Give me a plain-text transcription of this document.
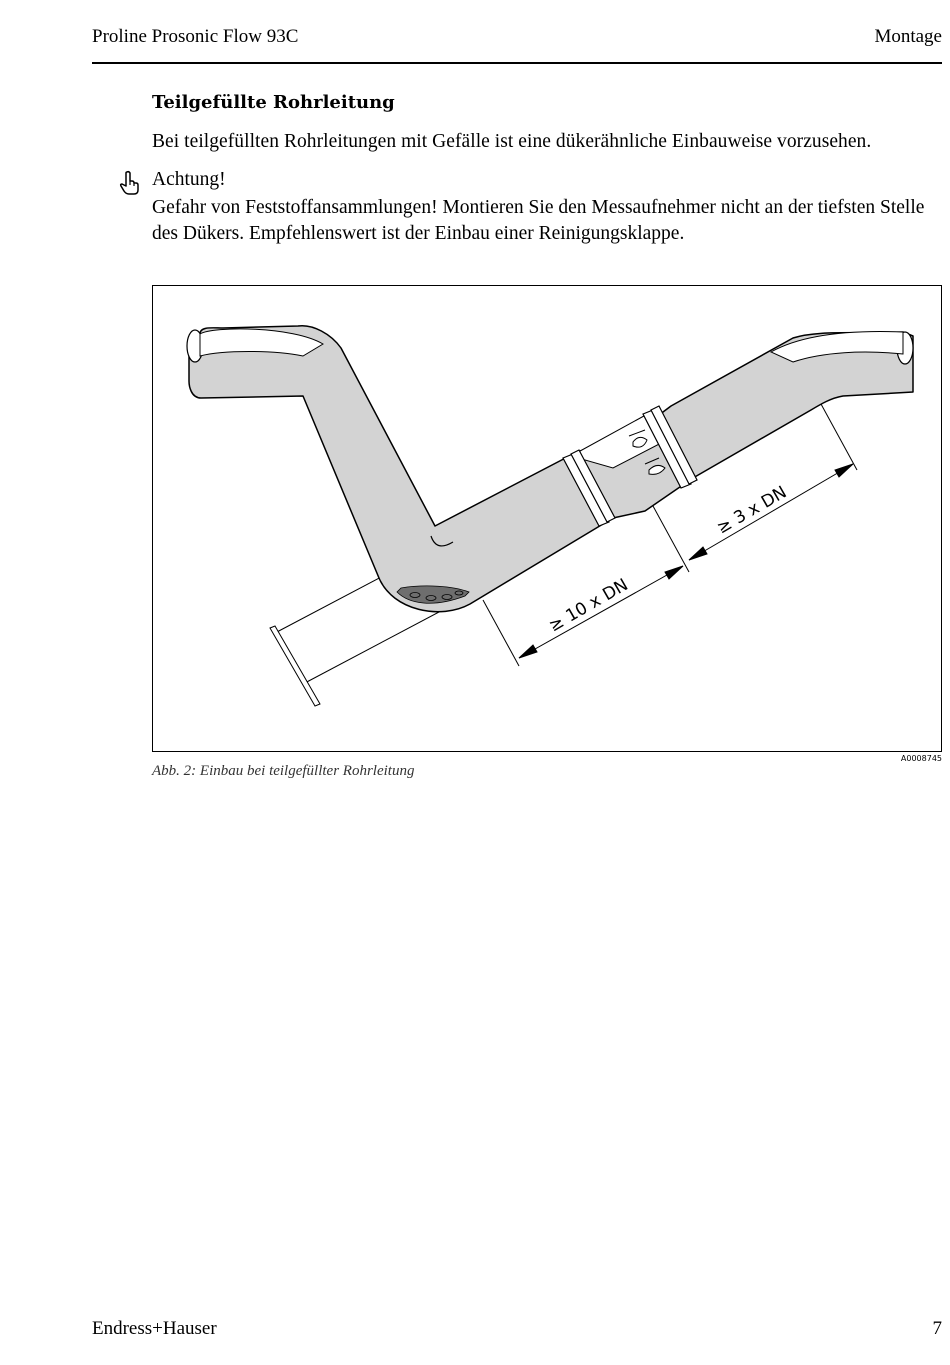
Proline Prosonic Flow 93C	Montage
Teilgefüllte Rohrleitung
Bei teilgefüllten Rohrleitungen mit Gefälle ist eine dükerähnliche Einbauweise vorzusehen.
Achtung!
Gefahr von Feststoffansammlungen! Montieren Sie den Messaufnehmer nicht an der tiefsten Stelle des Dükers. Empfehlenswert ist der Einbau einer Reinigungsklappe.
≥ 10 x DN
≥ 3 x DN
A0008745
Abb. 2: Einbau bei teilgefüllter Rohrleitung
Endress+Hauser	7
